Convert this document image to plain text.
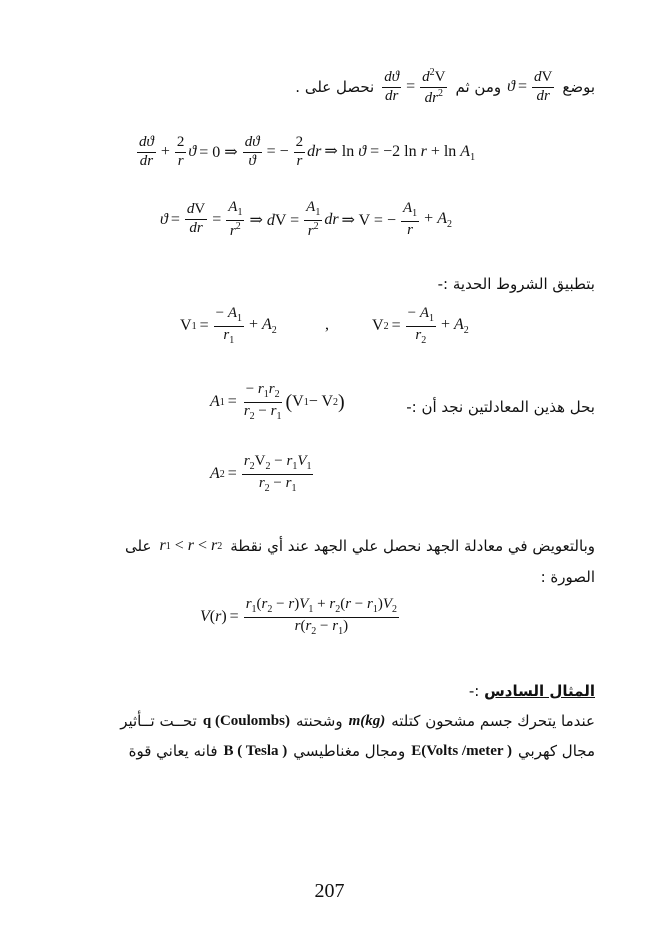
بوضع
$ϑ = \frac{dV}{dr}$
ومن ثم
$\frac{dϑ}{dr} = \frac{d^2V}{dr^2}$
نحصل على .
$\frac{dϑ}{dr} + \frac{2}{r}$ ϑ = 0 ⇒ $\frac{dϑ}{ϑ}$ = − $\frac{2}{r}$ dr ⇒ ln ϑ = −2 $\ln r + \ln A_1$
$ϑ = \frac{dV}{dr} = \frac{A_1}{r^2}$ ⇒ dV = $\frac{A_1}{r^2}$ dr ⇒ V = − $\frac{A_1}{r} + A_2$
بتطبيق الشروط الحدية :-
V $1 = \frac{- A_1}{r_1} + A_2$	,	V $2 = \frac{- A_1}{r_2} + A_2$
بحل هذين المعادلتين نجد أن :-
A $1 = \frac{- r_1r_2}{r_2 - r_1}$ ( V 1 − V 2 )
A $2 = \frac{r_2V_2 - r_1V_1}{r_2 - r_1}$
وبالتعويض في معادلة الجهد نحصل علي الجهد عند أي نقطة
r 1 < r < r 2
على
الصورة :
V ( r ) = $\frac{r_1(r_2 - r)V_1 + r_2(r - r_1)V_2}{r(r_2 - r_1)}$
المثال السادس :-
عندما يتحرك جسم مشحون كتلته
m(kg)
وشحنته
q (Coulombs)
تحــت تــأثير
مجال كهربي
E(Volts /meter )
ومجال مغناطيسي
B ( Tesla )
فانه يعاني قوة
207
